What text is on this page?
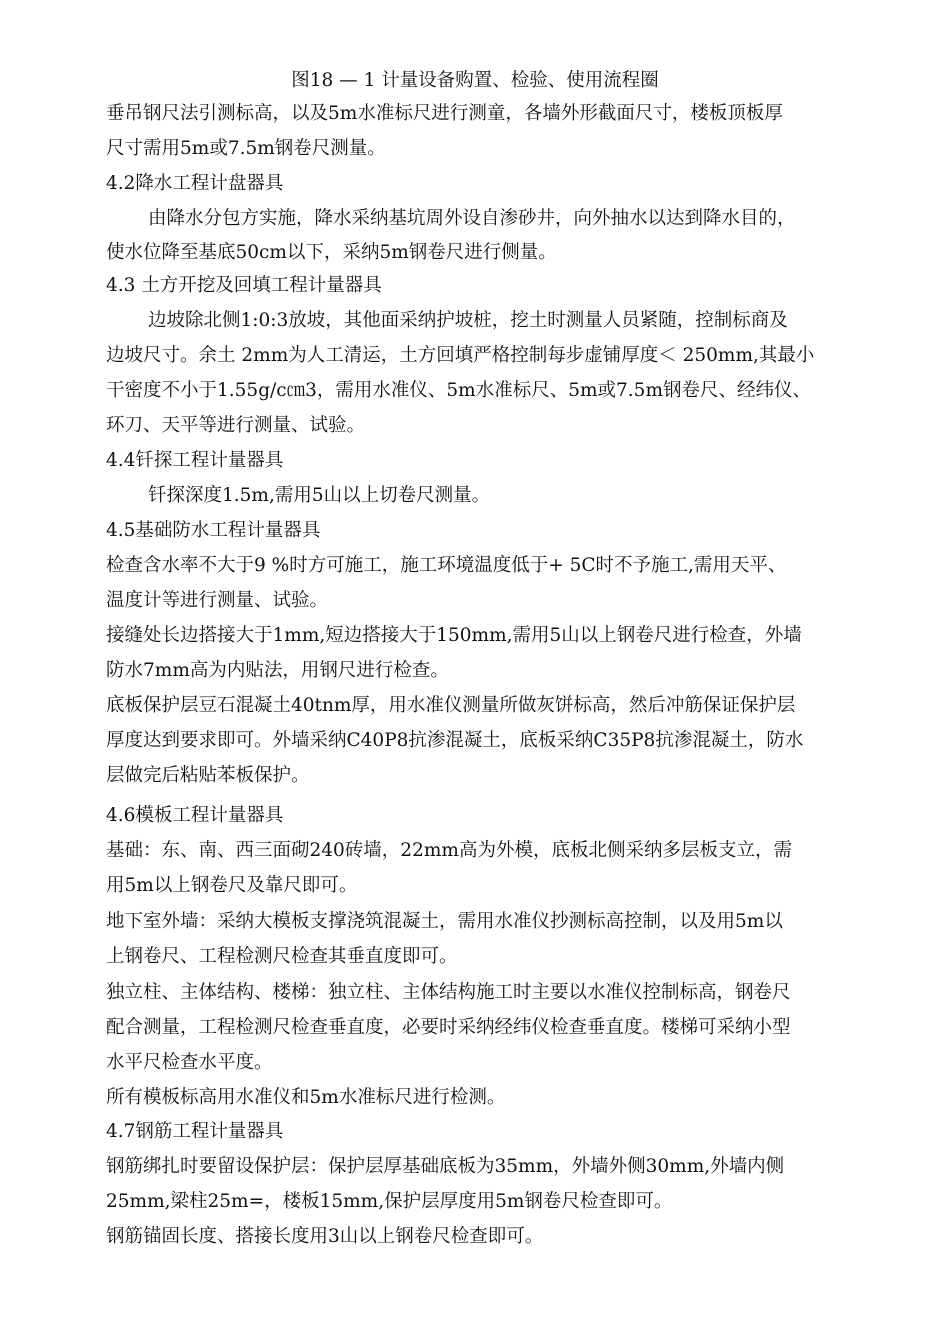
图18 — 1 计量设备购置、检验、使用流程圈
垂吊钢尺法引测标高，以及5m水准标尺进行测童，各墙外形截面尺寸，楼板顶板厚
尺寸需用5m或7.5m钢卷尺测量。
4.2降水工程计盘器具
由降水分包方实施，降水采纳基坑周外设自渗砂井，向外抽水以达到降水目的，
使水位降至基底50cm以下，采纳5m钢卷尺进行侧量。
4.3 土方开挖及回填工程计量器具
边坡除北侧1:0:3放坡，其他面采纳护坡桩，挖土时测量人员紧随，控制标商及
边坡尺寸。余土 2mm为人工清运，土方回填严格控制每步虚铺厚度＜ 250mm,其最小
干密度不小于1.55g/c㎝3，需用水准仪、5m水准标尺、5m或7.5m钢卷尺、经纬仪、
环刀、天平等进行测量、试验。
4.4钎探工程计量器具
钎探深度1.5m,需用5山以上切卷尺测量。
4.5基础防水工程计量器具
检查含水率不大于9 %时方可施工，施工环境温度低于+ 5C时不予施工,需用天平、
温度计等进行测量、试验。
接缝处长边搭接大于1mm,短边搭接大于150mm,需用5山以上钢卷尺进行检查，外墙
防水7mm高为内贴法，用钢尺进行检查。
底板保护层豆石混凝土40tnm厚，用水准仪测量所做灰饼标高，然后冲筋保证保护层
厚度达到要求即可。外墙采纳C40P8抗渗混凝土，底板采纳C35P8抗渗混凝土，防水
层做完后粘贴苯板保护。
4.6模板工程计量器具
基础：东、南、西三面砌240砖墙，22mm高为外模，底板北侧采纳多层板支立，需
用5m以上钢卷尺及靠尺即可。
地下室外墙：采纳大模板支撑浇筑混凝土，需用水准仪抄测标高控制，以及用5m以
上钢卷尺、工程检测尺检查其垂直度即可。
独立柱、主体结构、楼梯：独立柱、主体结构施工时主要以水准仪控制标高，钢卷尺
配合测量，工程检测尺检查垂直度，必要时采纳经纬仪检查垂直度。楼梯可采纳小型
水平尺检查水平度。
所有模板标高用水准仪和5m水准标尺进行检测。
4.7钢筋工程计量器具
钢筋绑扎时要留设保护层：保护层厚基础底板为35mm，外墙外侧30mm,外墙内侧
25mm,梁柱25m=，楼板15mm,保护层厚度用5m钢卷尺检查即可。
钢筋锚固长度、搭接长度用3山以上钢卷尺检查即可。
